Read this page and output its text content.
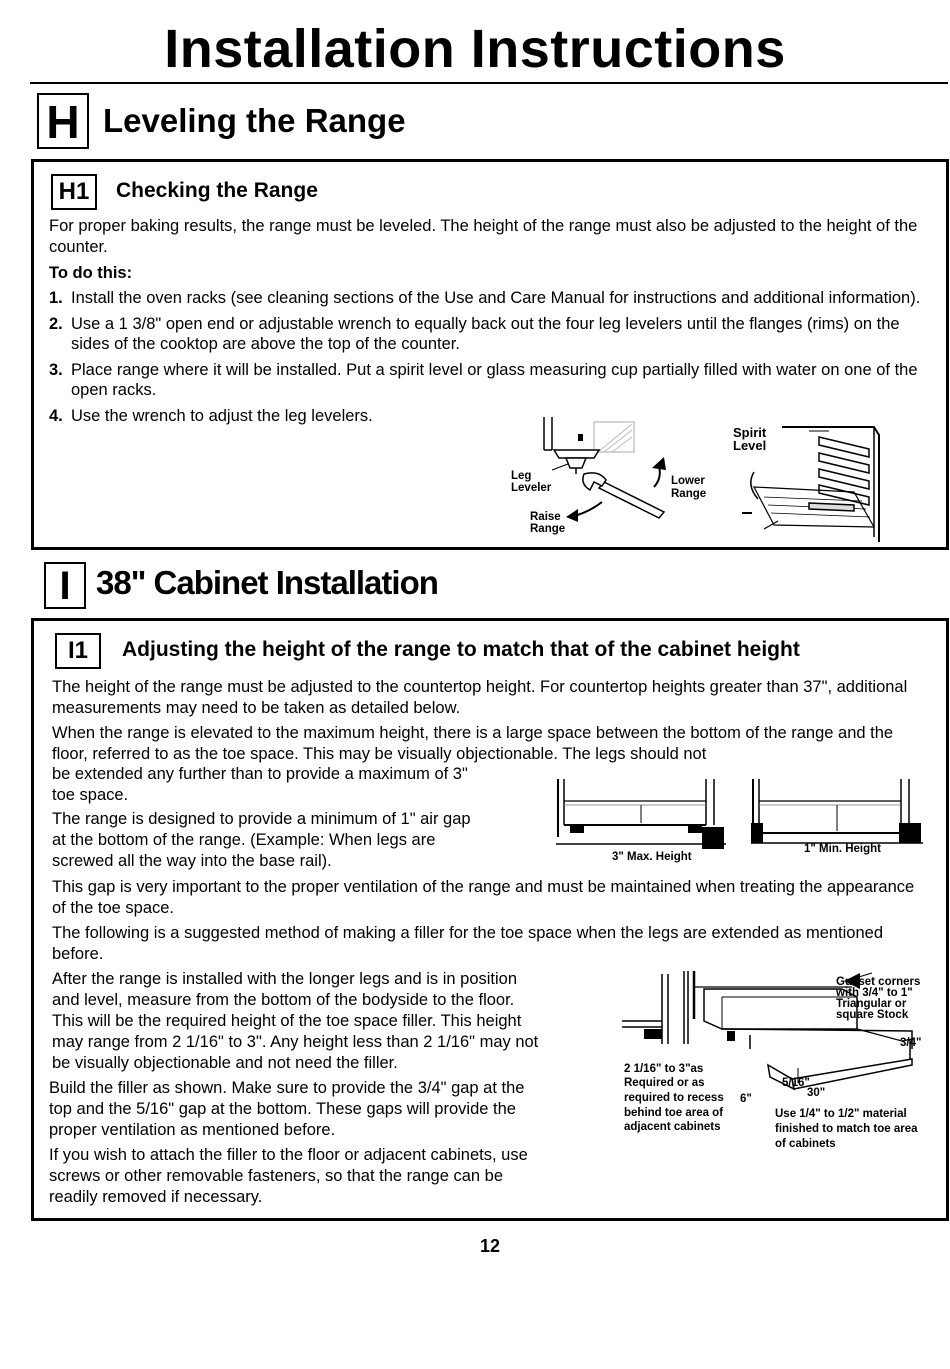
Installation Instructions
H Leveling the Range
H1	Checking the Range

For proper baking results, the range must be leveled. The height of the range must also be adjusted to the height of the counter.

To do this:

1. Install the oven racks (see cleaning sections of the Use and Care Manual for instructions and additional information).
2. Use a 1 3/8" open end or adjustable wrench to equally back out the four leg levelers until the flanges (rims) on the sides of the cooktop are above the top of the counter.
3. Place range where it will be installed. Put a spirit level or glass measuring cup partially filled with water on one of the open racks.
4. Use the wrench to adjust the leg levelers.
Leg
Leveler
Lower
Range
Raise
Range
Spirit
Level
I 38" Cabinet Installation
I1	Adjusting the height of the range to match that of the cabinet height

The height of the range must be adjusted to the countertop height. For countertop heights greater than 37", additional measurements may need to be taken as detailed below.

When the range is elevated to the maximum height, there is a large space between the bottom of the range and the floor, referred to as the toe space. This may be visually objectionable. The legs should not

be extended any further than to provide a maximum of 3"

toe space.

The range is designed to provide a minimum of 1" air gap

at the bottom of the range. (Example: When legs are

screwed all the way into the base rail).	3" Max. Height
1" Min. Height

This gap is very important to the proper ventilation of the range and must be maintained when treating the appearance of the toe space.

The following is a suggested method of making a filler for the toe space when the legs are extended as mentioned before.

After the range is installed with the longer legs and is in position

and level, measure from the bottom of the bodyside to the floor.

This will be the required height of the toe space filler. This height

may range from 2 1/16" to 3". Any height less than 2 1/16" may not

be visually objectionable and not need the filler.

Build the filler as shown. Make sure to provide the 3/4" gap at the

top and the 5/16" gap at the bottom. These gaps will provide the

proper ventilation as mentioned before.

If you wish to attach the filler to the floor or adjacent cabinets, use

screws or other removable fasteners, so that the range can be

readily removed if necessary.

Gusset corners
with 3/4" to 1"
Triangular or
square Stock
3/4"
2 1/16" to 3"as
Required or as
required to recess
behind toe area of
adjacent cabinets
6"
5/16"
30"
Use 1/4" to 1/2" material
finished to match toe area
of cabinets
12
